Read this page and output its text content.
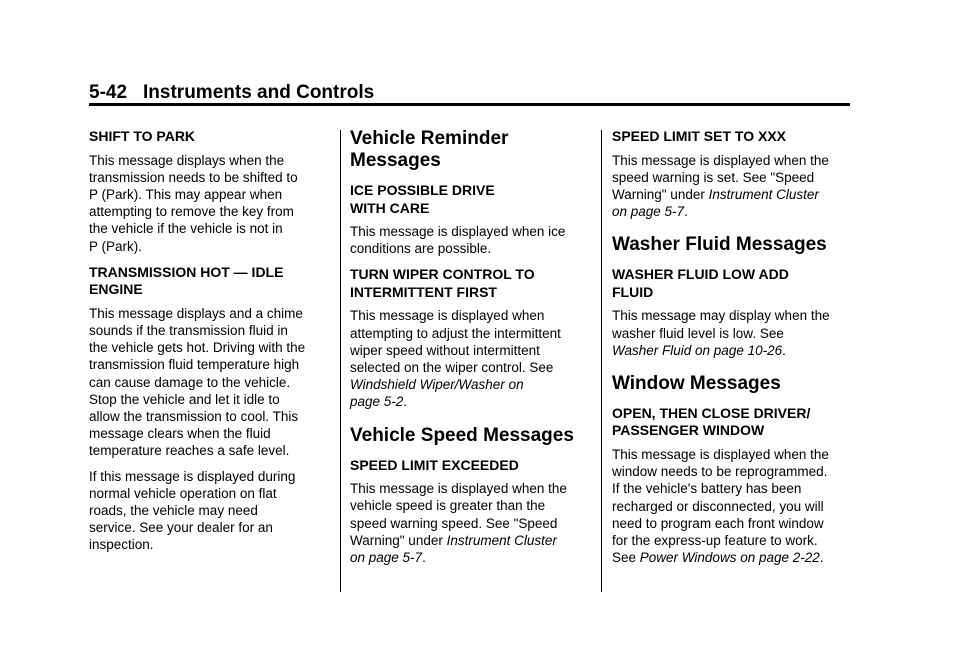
5-42 Instruments and Controls
SHIFT TO PARK

This message displays when the
transmission needs to be shifted to
P (Park). This may appear when
attempting to remove the key from
the vehicle if the vehicle is not in
P (Park).

TRANSMISSION HOT — IDLE
ENGINE

This message displays and a chime
sounds if the transmission fluid in
the vehicle gets hot. Driving with the
transmission fluid temperature high
can cause damage to the vehicle.
Stop the vehicle and let it idle to
allow the transmission to cool. This
message clears when the fluid
temperature reaches a safe level.

If this message is displayed during
normal vehicle operation on flat
roads, the vehicle may need
service. See your dealer for an
inspection.

Vehicle Reminder
Messages
ICE POSSIBLE DRIVE
WITH CARE

This message is displayed when ice
conditions are possible.

TURN WIPER CONTROL TO
INTERMITTENT FIRST

This message is displayed when
attempting to adjust the intermittent
wiper speed without intermittent
selected on the wiper control. See
Windshield Wiper/Washer on
page 5-2.

Vehicle Speed Messages
SPEED LIMIT EXCEEDED

This message is displayed when the
vehicle speed is greater than the
speed warning speed. See "Speed
Warning" under Instrument Cluster
on page 5-7.

SPEED LIMIT SET TO XXX

This message is displayed when the
speed warning is set. See "Speed
Warning" under Instrument Cluster
on page 5-7.

Washer Fluid Messages
WASHER FLUID LOW ADD
FLUID

This message may display when the
washer fluid level is low. See
Washer Fluid on page 10-26.

Window Messages
OPEN, THEN CLOSE DRIVER/
PASSENGER WINDOW

This message is displayed when the
window needs to be reprogrammed.
If the vehicle's battery has been
recharged or disconnected, you will
need to program each front window
for the express-up feature to work.
See Power Windows on page 2-22.
